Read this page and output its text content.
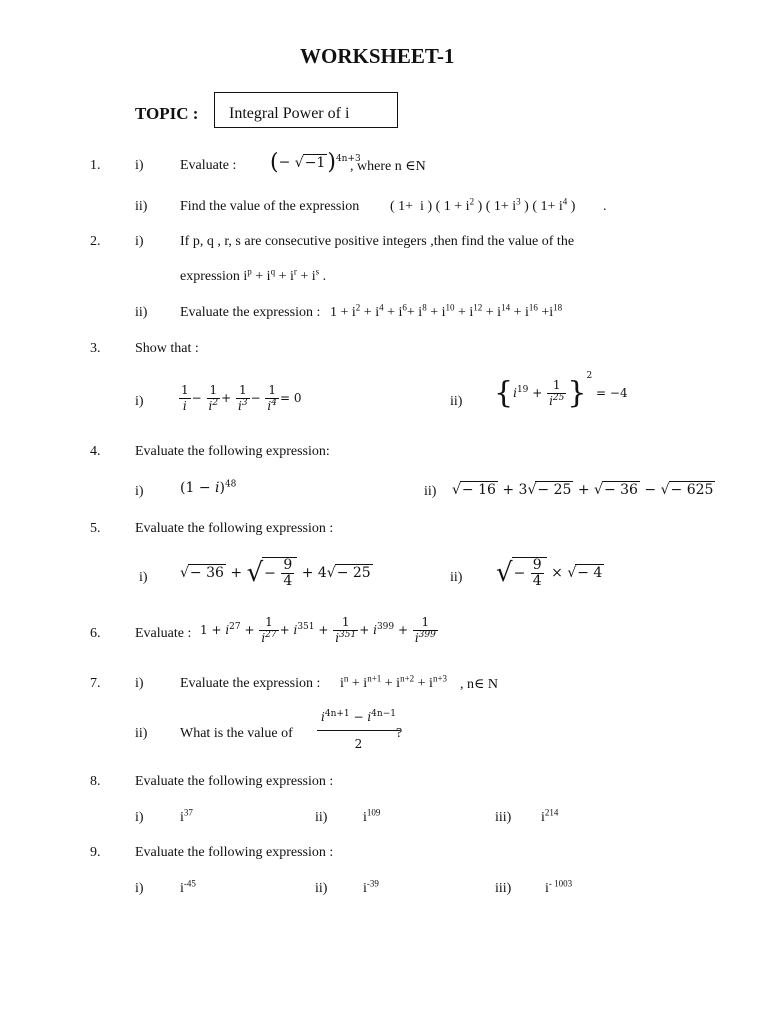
WORKSHEET-1
TOPIC : Integral Power of i
1. i)	Evaluate : (− √−1)$^{4n+3}$
, where n ∈N
ii) Find the value of the expression ( 1+  i ) ( $1 + i^2$ ) ( $1+ i^3$ ) ( $1+ i^4$ ) .
2. i)	If p, q , r, s are consecutive positive integers ,then find the value of the
expression $i^p + i^q + i^r + i^s$ .
ii) Evaluate the expression : $1 + i^2 + i^4 + i^6+ i^8 + i^{10} + i^{12} + i^{14} + i^{16} +i^{18}$
3. Show that :
i)	$\frac{1}{i} - \frac{1}{i^2} + \frac{1}{i^3} - \frac{1}{i^4} = 0$	ii) $\{i^{19} + \frac{1}{i^{25}} \}^2 = -4$
4. Evaluate the following expression:
i)	$(1 - i)^{48}$	ii) √− 16 + 3√− 25 + √− 36 − √− 625
5. Evaluate the following expression :
i) √− 36 + √− $\frac{9}{4} + 4√- 25$	ii) √− $\frac{9}{4}$ × √− 4
6. Evaluate : $1 + i^{27} + \frac{1}{i^{27}} + i^{351} + \frac{1}{i^{351}} + i^{399} + \frac{1}{i^{399}}$
7. i)	Evaluate the expression : $i^n + i^{n+1} + i^{n+2} + i^{n+3}$ , n∈ N
ii) What is the value of $\frac{i^{4n+1} - i^{4n-1}}{2}$
?
8. Evaluate the following expression :
i)	$i^{37}$	ii)	$i^{109}$	iii) $i^{214}$
9. Evaluate the following expression :
i)	$i^{-45}$	ii)	$i^{-39}$	iii) $i^{- 1003}$
